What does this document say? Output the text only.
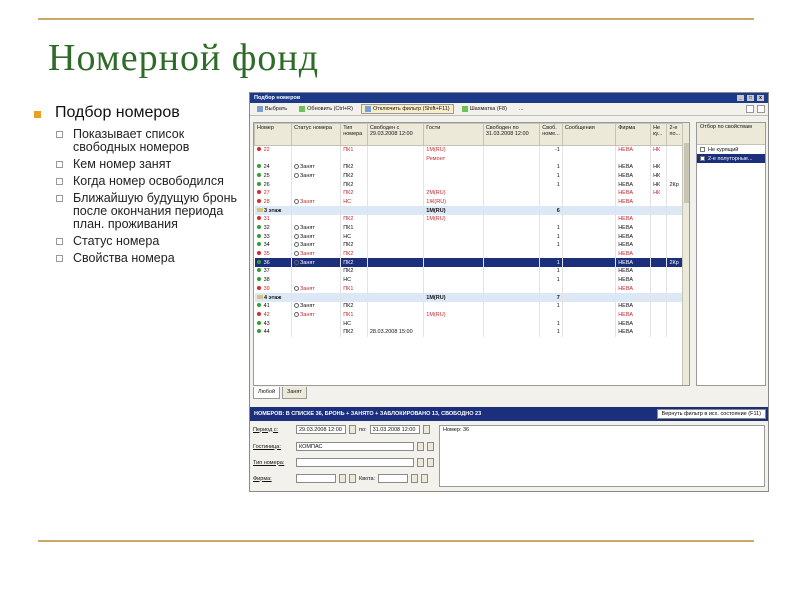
Номерной фонд
Подбор номеров
Показывает список свободных номеров
Кем номер занят
Когда номер освободился
Ближайшую будущую бронь после окончания периода план. проживания
Статус номера
Свойства номера
Подбор номеров	_	□	x
Выбрать	Обновить (Ctrl+R)	Отключить фильтр (Shift+F11)	Шахматка (F8)	...
Номер	Статус номера	Тип номера	Свободен с 29.03.2008 12:00	Гости	Свободен по 31.03.2008 12:00	Своб. номе...	Сообщения	Фирма	Не ку...	2-е по...
22		ПК1		1М(RU)		-1		НЕВА	НК	
				Ремонт						
24	Занят	ПК2				1		НЕВА	НК	
25	Занят	ПК2				1		НЕВА	НК	
26		ПК2				1		НЕВА	НК	2Кр
27		ПК2		2М(RU)				НЕВА	НК	
28	Занят	НС		1Ж(RU)				НЕВА		
3 этаж				1М(RU)		6				
31		ПК2		1М(RU)				НЕВА		
32	Занят	ПК1				1		НЕВА		
33	Занят	НС				1		НЕВА		
34	Занят	ПК2				1		НЕВА		
35	Занят	ПК2						НЕВА		
36	Занят	ПК2				1		НЕВА		2Кр
37		ПК2				1		НЕВА		
38		НС				1		НЕВА		
39	Занят	ПК1						НЕВА		
4 этаж				1М(RU)		7				
41	Занят	ПК2				1		НЕВА		
42	Занят	ПК1		1М(RU)				НЕВА		
43		НС				1		НЕВА		
44		ПК2	28.03.2008 15:00			1		НЕВА		
Отбор по свойствам
Не курящий
2-е полуторные...
Любой	Занят
НОМЕРОВ: В СПИСКЕ 36, БРОНЬ + ЗАНЯТО + ЗАБЛОКИРОВАНО 13, СВОБОДНО 23	Вернуть фильтр в исх. состояние (F11)
Период с:	29.03.2008 12:00	по:	31.03.2008 12:00
Гостиница:	КОМПАС
Тип номера:
Фирма:	Квота:
Номер: 36
